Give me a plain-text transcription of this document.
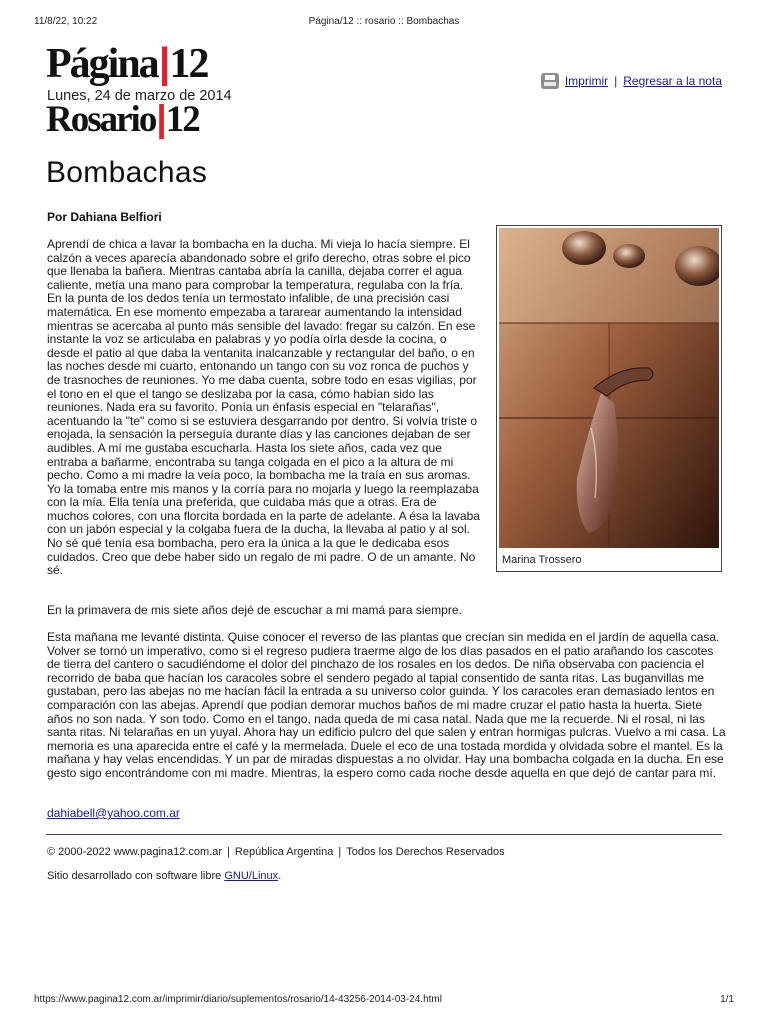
11/8/22, 10:22	Página/12 :: rosario :: Bombachas
Página|12
Lunes, 24 de marzo de 2014
Rosario|12
Imprimir | Regresar a la nota
Bombachas
Por Dahiana Belfiori

Aprendí de chica a lavar la bombacha en la ducha. Mi vieja lo hacía siempre. El calzón a veces aparecía abandonado sobre el grifo derecho, otras sobre el pico que llenaba la bañera. Mientras cantaba abría la canilla, dejaba correr el agua caliente, metía una mano para comprobar la temperatura, regulaba con la fría. En la punta de los dedos tenía un termostato infalible, de una precisión casi matemática. En ese momento empezaba a tararear aumentando la intensidad mientras se acercaba al punto más sensible del lavado: fregar su calzón. En ese instante la voz se articulaba en palabras y yo podía oírla desde la cocina, o desde el patio al que daba la ventanita inalcanzable y rectangular del baño, o en las noches desde mi cuarto, entonando un tango con su voz ronca de puchos y de trasnoches de reuniones. Yo me daba cuenta, sobre todo en esas vigilias, por el tono en el que el tango se deslizaba por la casa, cómo habían sido las reuniones. Nada era su favorito. Ponía un énfasis especial en "telarañas", acentuando la "te" como si se estuviera desgarrando por dentro. Si volvía triste o enojada, la sensación la perseguía durante días y las canciones dejaban de ser audibles. A mí me gustaba escucharla. Hasta los siete años, cada vez que entraba a bañarme, encontraba su tanga colgada en el pico a la altura de mi pecho. Como a mi madre la veía poco, la bombacha me la traía en sus aromas. Yo la tomaba entre mis manos y la corría para no mojarla y luego la reemplazaba con la mía. Ella tenía una preferida, que cuidaba más que a otras. Era de muchos colores, con una florcita bordada en la parte de adelante. A ésa la lavaba con un jabón especial y la colgaba fuera de la ducha, la llevaba al patio y al sol. No sé qué tenía esa bombacha, pero era la única a la que le dedicaba esos cuidados. Creo que debe haber sido un regalo de mi padre. O de un amante. No sé.

Marina Trossero

En la primavera de mis siete años dejé de escuchar a mi mamá para siempre.

Esta mañana me levanté distinta. Quise conocer el reverso de las plantas que crecían sin medida en el jardín de aquella casa. Volver se tornó un imperativo, como si el regreso pudiera traerme algo de los días pasados en el patio arañando los cascotes de tierra del cantero o sacudiéndome el dolor del pinchazo de los rosales en los dedos. De niña observaba con paciencia el recorrido de baba que hacían los caracoles sobre el sendero pegado al tapial consentido de santa ritas. Las buganvillas me gustaban, pero las abejas no me hacían fácil la entrada a su universo color guinda. Y los caracoles eran demasiado lentos en comparación con las abejas. Aprendí que podían demorar muchos baños de mi madre cruzar el patio hasta la huerta. Siete años no son nada. Y son todo. Como en el tango, nada queda de mi casa natal. Nada que me la recuerde. Ni el rosal, ni las santa ritas. Ni telarañas en un yuyal. Ahora hay un edificio pulcro del que salen y entran hormigas pulcras. Vuelvo a mi casa. La memoria es una aparecida entre el café y la mermelada. Duele el eco de una tostada mordida y olvidada sobre el mantel. Es la mañana y hay velas encendidas. Y un par de miradas dispuestas a no olvidar. Hay una bombacha colgada en la ducha. En ese gesto sigo encontrándome con mi madre. Mientras, la espero como cada noche desde aquella en que dejó de cantar para mí.

dahiabell@yahoo.com.ar
© 2000-2022 www.pagina12.com.ar | República Argentina | Todos los Derechos Reservados
Sitio desarrollado con software libre GNU/Linux.
https://www.pagina12.com.ar/imprimir/diario/suplementos/rosario/14-43256-2014-03-24.html	1/1
